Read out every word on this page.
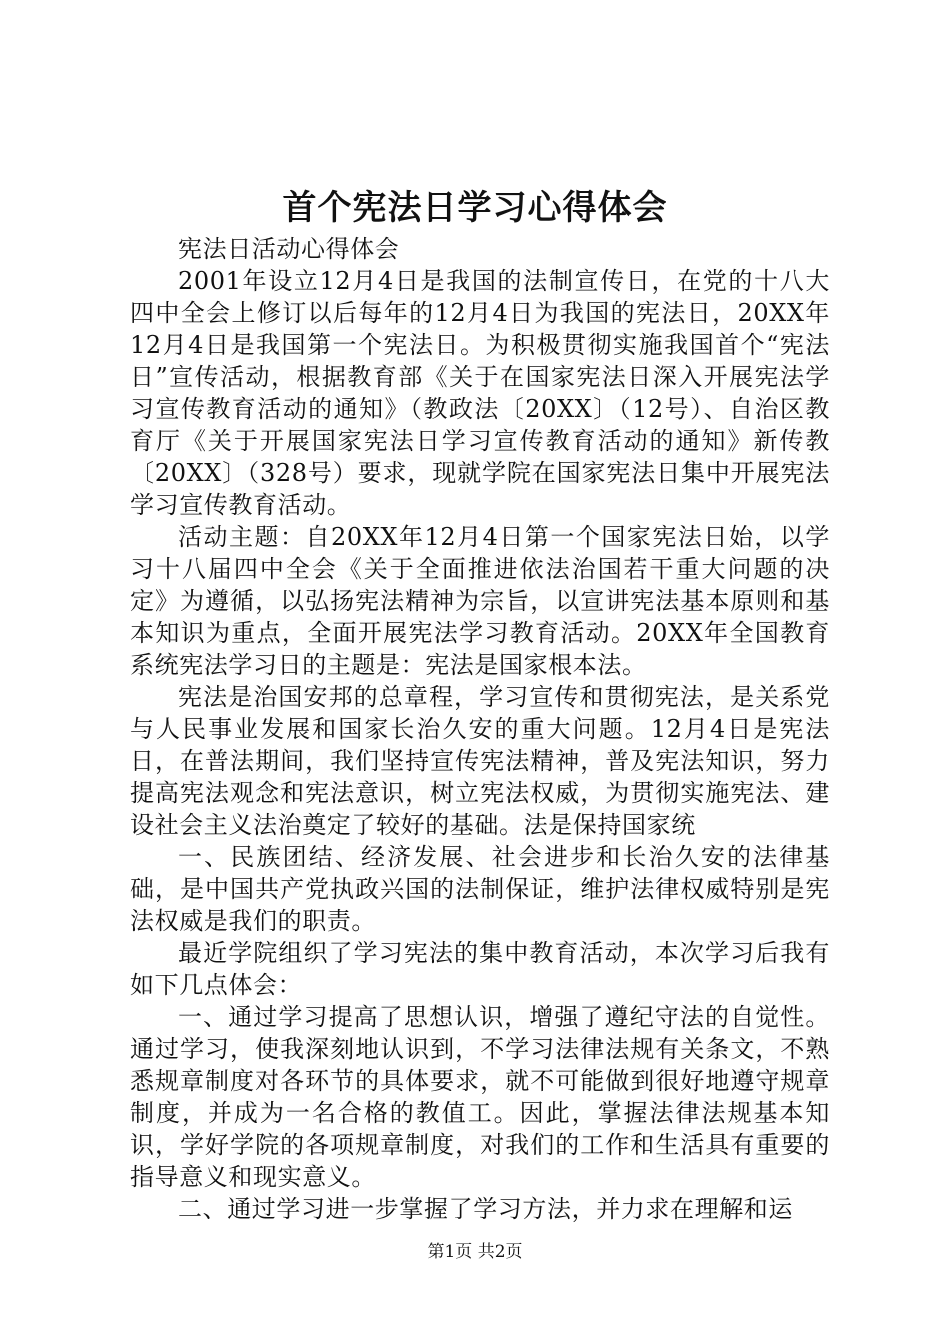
首个宪法日学习心得体会

宪法日活动心得体会

2001年设立12月4日是我国的法制宣传日，在党的十八大四中全会上修订以后每年的12月4日为我国的宪法日，20XX年12月4日是我国第一个宪法日。为积极贯彻实施我国首个“宪法日”宣传活动，根据教育部《关于在国家宪法日深入开展宪法学习宣传教育活动的通知》（教政法〔20XX〕（12号）、自治区教育厅《关于开展国家宪法日学习宣传教育活动的通知》新传教〔20XX〕（328号）要求，现就学院在国家宪法日集中开展宪法学习宣传教育活动。

活动主题：自20XX年12月4日第一个国家宪法日始，以学习十八届四中全会《关于全面推进依法治国若干重大问题的决定》为遵循，以弘扬宪法精神为宗旨，以宣讲宪法基本原则和基本知识为重点，全面开展宪法学习教育活动。20XX年全国教育系统宪法学习日的主题是：宪法是国家根本法。

宪法是治国安邦的总章程，学习宣传和贯彻宪法，是关系党与人民事业发展和国家长治久安的重大问题。12月4日是宪法日，在普法期间，我们坚持宣传宪法精神，普及宪法知识，努力提高宪法观念和宪法意识，树立宪法权威，为贯彻实施宪法、建设社会主义法治奠定了较好的基础。法是保持国家统

一、民族团结、经济发展、社会进步和长治久安的法律基础，是中国共产党执政兴国的法制保证，维护法律权威特别是宪法权威是我们的职责。

最近学院组织了学习宪法的集中教育活动，本次学习后我有如下几点体会：

一、通过学习提高了思想认识，增强了遵纪守法的自觉性。通过学习，使我深刻地认识到，不学习法律法规有关条文，不熟悉规章制度对各环节的具体要求，就不可能做到很好地遵守规章制度，并成为一名合格的教值工。因此，掌握法律法规基本知识，学好学院的各项规章制度，对我们的工作和生活具有重要的指导意义和现实意义。

二、通过学习进一步掌握了学习方法，并力求在理解和运

第1页 共2页
